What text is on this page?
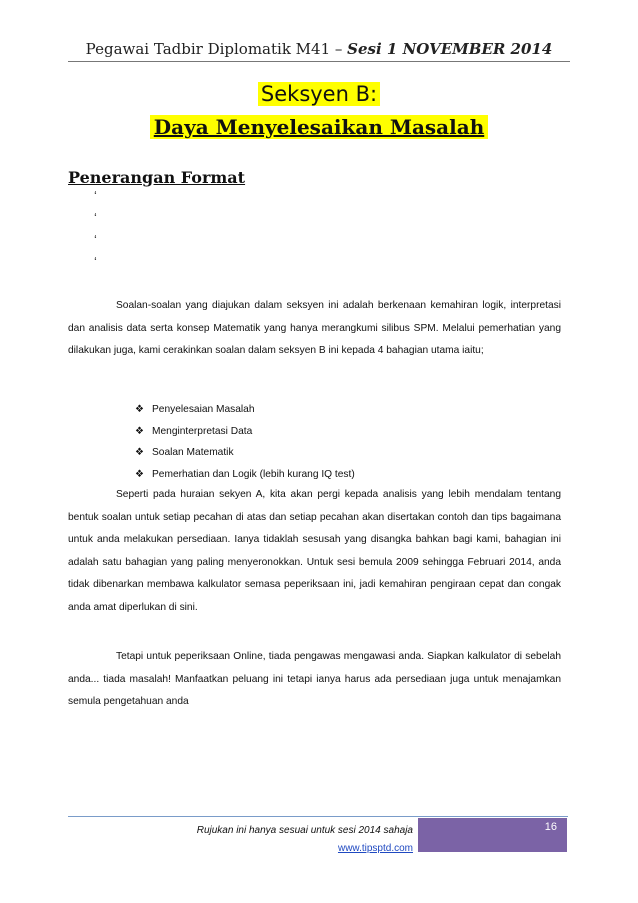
Pegawai Tadbir Diplomatik M41 – Sesi 1 NOVEMBER 2014
Seksyen B:
Daya Menyelesaikan Masalah
Penerangan Format
‘
‘
‘
‘
Soalan-soalan yang diajukan dalam seksyen ini adalah berkenaan kemahiran logik, interpretasi dan analisis data serta konsep Matematik yang hanya merangkumi silibus SPM. Melalui pemerhatian yang dilakukan juga, kami cerakinkan soalan dalam seksyen B ini kepada 4 bahagian utama iaitu;
❖ Penyelesaian Masalah
❖ Menginterpretasi Data
❖ Soalan Matematik
❖ Pemerhatian dan Logik (lebih kurang IQ test)
Seperti pada huraian sekyen A, kita akan pergi kepada analisis yang lebih mendalam tentang bentuk soalan untuk setiap pecahan di atas dan setiap pecahan akan disertakan contoh dan tips bagaimana untuk anda melakukan persediaan. Ianya tidaklah sesusah yang disangka bahkan bagi kami, bahagian ini adalah satu bahagian yang paling menyeronokkan. Untuk sesi bemula 2009 sehingga Februari 2014, anda tidak dibenarkan membawa kalkulator semasa peperiksaan ini, jadi kemahiran pengiraan cepat dan congak anda amat diperlukan di sini.
Tetapi untuk peperiksaan Online, tiada pengawas mengawasi anda. Siapkan kalkulator di sebelah anda... tiada masalah! Manfaatkan peluang ini tetapi ianya harus ada persediaan juga untuk menajamkan semula pengetahuan anda
Rujukan ini hanya sesuai untuk sesi 2014 sahaja
www.tipsptd.com
16
